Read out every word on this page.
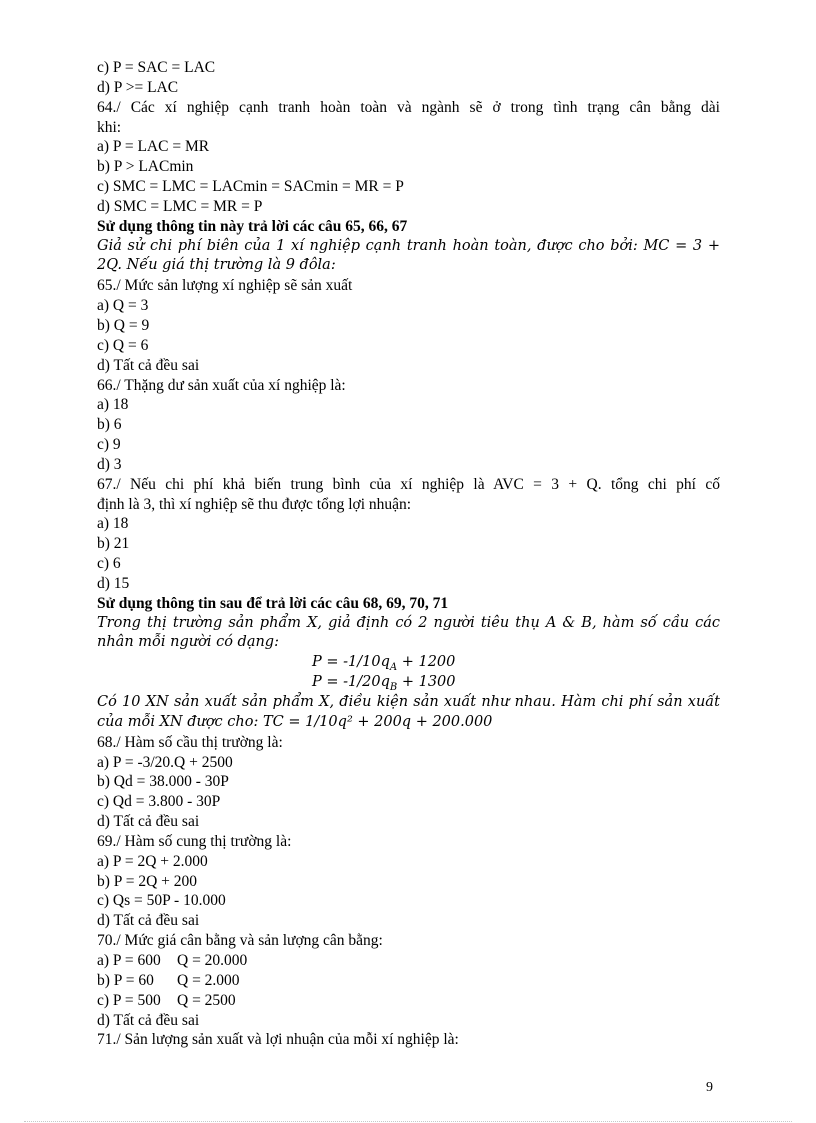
c) P = SAC = LAC
d) P >= LAC
64./ Các xí nghiệp cạnh tranh hoàn toàn và ngành sẽ ở trong tình trạng cân bằng dài
khi:
a) P = LAC = MR
b) P > LACmin
c) SMC = LMC = LACmin = SACmin = MR = P
d) SMC = LMC = MR = P
Sử dụng thông tin này trả lời các câu 65, 66, 67
Giả sử chi phí biên của 1 xí nghiệp cạnh tranh hoàn toàn, được cho bởi: MC = 3 +
2Q. Nếu giá thị trường là 9 đôla:
65./ Mức sản lượng xí nghiệp sẽ sản xuất
a) Q = 3
b) Q = 9
c) Q = 6
d) Tất cả đều sai
66./ Thặng dư sản xuất của xí nghiệp là:
a) 18
b) 6
c) 9
d) 3
67./ Nếu chi phí khả biến trung bình của xí nghiệp là AVC = 3 + Q. tổng chi phí cố
định là 3, thì xí nghiệp sẽ thu được tổng lợi nhuận:
a) 18
b) 21
c) 6
d) 15
Sử dụng thông tin sau để trả lời các câu 68, 69, 70, 71
Trong thị trường sản phẩm X, giả định có 2 người tiêu thụ A & B, hàm số cầu các
nhân mỗi người có dạng:
$P = -1/10q_A + 1200$
$P = -1/20q_B + 1300$
Có 10 XN sản xuất sản phẩm X, điều kiện sản xuất như nhau. Hàm chi phí sản xuất
của mỗi XN được cho: TC = 1/10q² + 200q + 200.000
68./ Hàm số cầu thị trường là:
a) P = -3/20.Q + 2500
b) Qd = 38.000 - 30P
c) Qd = 3.800 - 30P
d) Tất cả đều sai
69./ Hàm số cung thị trường là:
a) P = 2Q + 2.000
b) P = 2Q + 200
c) Qs = 50P - 10.000
d) Tất cả đều sai
70./ Mức giá cân bằng và sản lượng cân bằng:
a) P = 600 Q = 20.000
b) P = 60 Q = 2.000
c) P = 500 Q = 2500
d) Tất cả đều sai
71./ Sản lượng sản xuất và lợi nhuận của mỗi xí nghiệp là:
9
